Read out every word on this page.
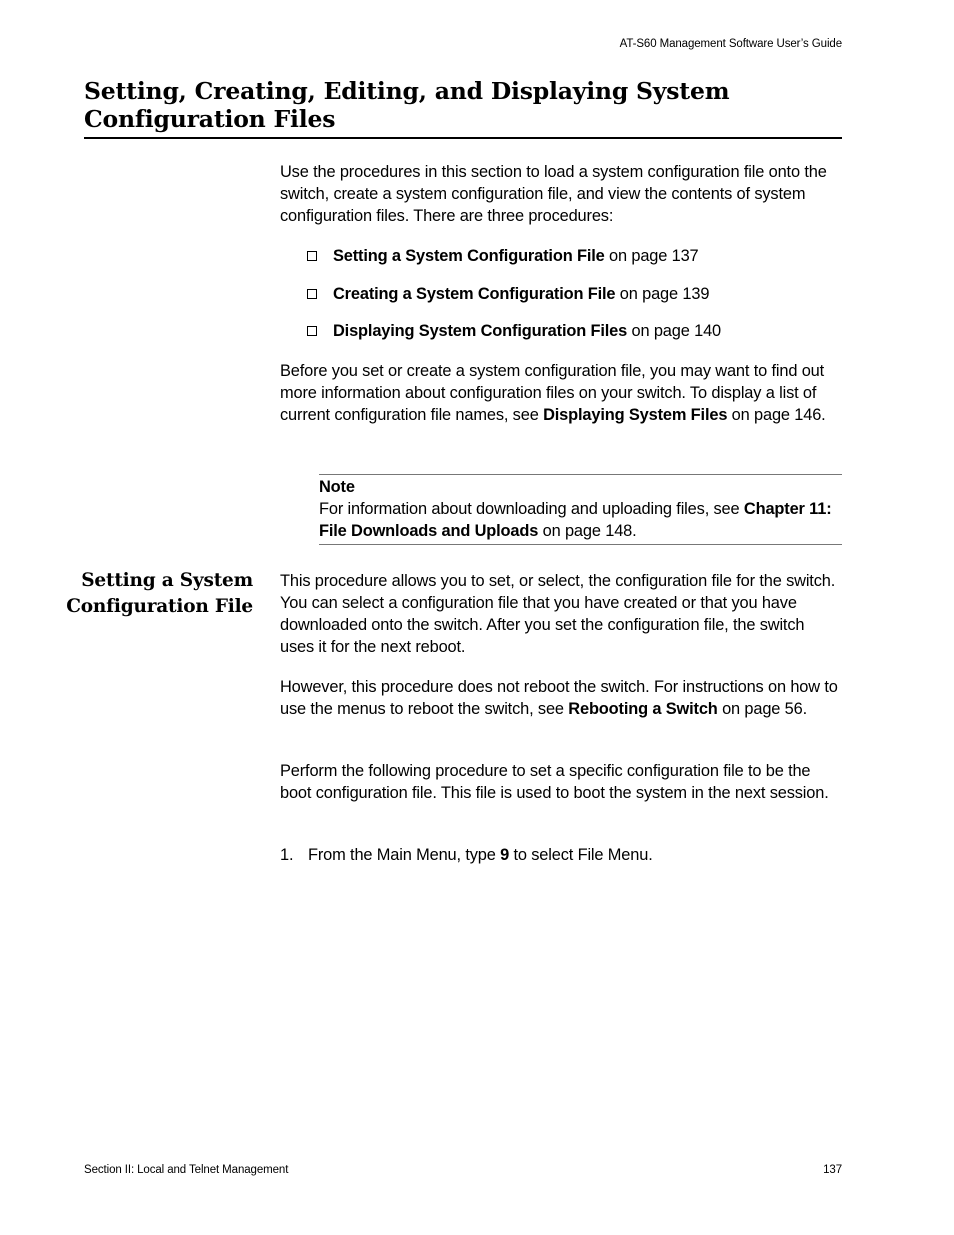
AT-S60 Management Software User’s Guide
Setting, Creating, Editing, and Displaying System Configuration Files

Use the procedures in this section to load a system configuration file onto the switch, create a system configuration file, and view the contents of system configuration files. There are three procedures:

Setting a System Configuration File on page 137
Creating a System Configuration File on page 139
Displaying System Configuration Files on page 140

Before you set or create a system configuration file, you may want to find out more information about configuration files on your switch. To display a list of current configuration file names, see Displaying System Files on page 146.

Note
For information about downloading and uploading files, see Chapter 11: File Downloads and Uploads on page 148.
Setting a System Configuration File

This procedure allows you to set, or select, the configuration file for the switch. You can select a configuration file that you have created or that you have downloaded onto the switch. After you set the configuration file, the switch uses it for the next reboot.

However, this procedure does not reboot the switch. For instructions on how to use the menus to reboot the switch, see Rebooting a Switch on page 56.

Perform the following procedure to set a specific configuration file to be the boot configuration file. This file is used to boot the system in the next session.

1. From the Main Menu, type 9 to select File Menu.
Section II: Local and Telnet Management	137
